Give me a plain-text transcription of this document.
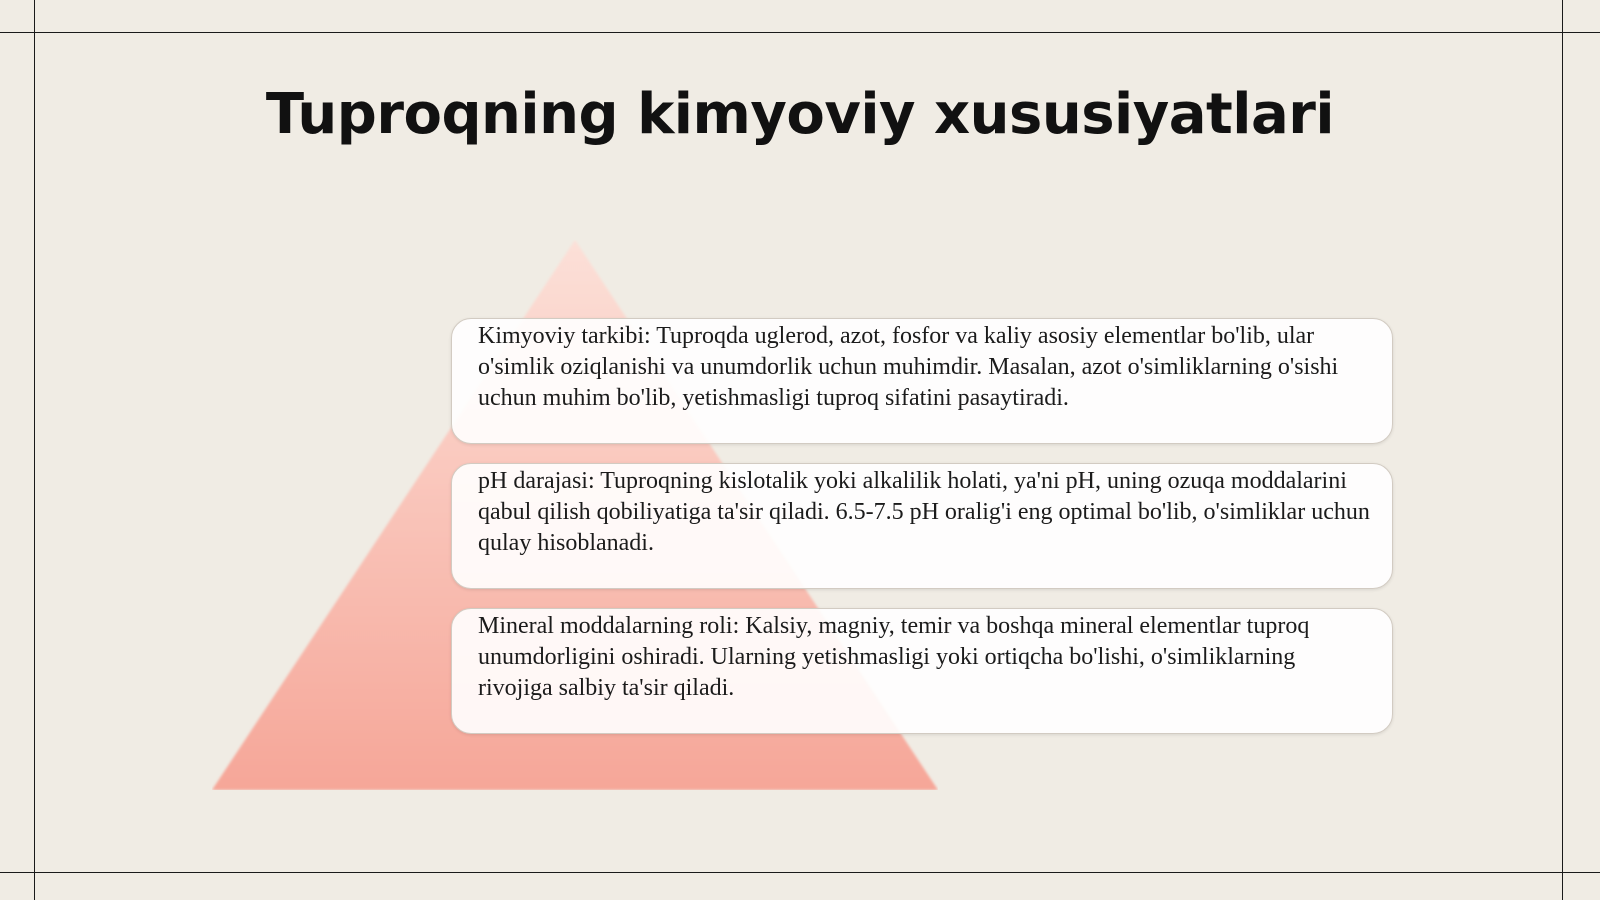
Tuproqning kimyoviy xususiyatlari

Kimyoviy tarkibi: Tuproqda uglerod, azot, fosfor va kaliy asosiy elementlar bo'lib, ular o'simlik oziqlanishi va unumdorlik uchun muhimdir. Masalan, azot o'simliklarning o'sishi uchun muhim bo'lib, yetishmasligi tuproq sifatini pasaytiradi.

pH darajasi: Tuproqning kislotalik yoki alkalilik holati, ya'ni pH, uning ozuqa moddalarini qabul qilish qobiliyatiga ta'sir qiladi. 6.5-7.5 pH oralig'i eng optimal bo'lib, o'simliklar uchun qulay hisoblanadi.

Mineral moddalarning roli: Kalsiy, magniy, temir va boshqa mineral elementlar tuproq unumdorligini oshiradi. Ularning yetishmasligi yoki ortiqcha bo'lishi, o'simliklarning rivojiga salbiy ta'sir qiladi.
